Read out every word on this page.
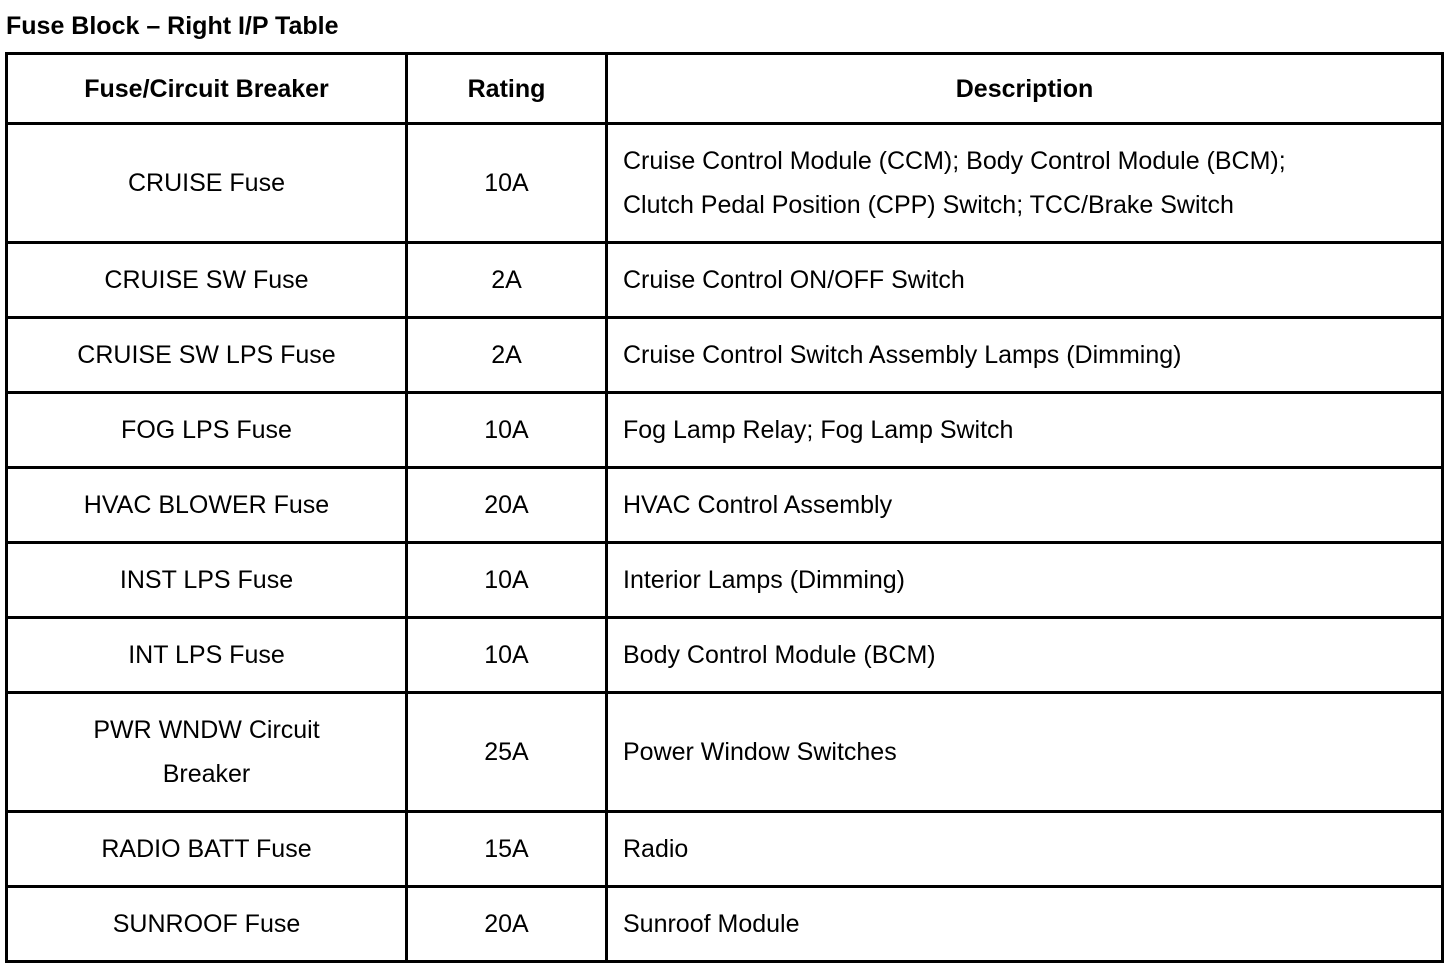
Fuse Block – Right I/P Table
Fuse/Circuit Breaker	Rating	Description
CRUISE Fuse	10A	Cruise Control Module (CCM); Body Control Module (BCM);
Clutch Pedal Position (CPP) Switch; TCC/Brake Switch

CRUISE SW Fuse	2A	Cruise Control ON/OFF Switch
CRUISE SW LPS Fuse	2A	Cruise Control Switch Assembly Lamps (Dimming)
FOG LPS Fuse	10A	Fog Lamp Relay; Fog Lamp Switch
HVAC BLOWER Fuse	20A	HVAC Control Assembly
INST LPS Fuse	10A	Interior Lamps (Dimming)
INT LPS Fuse	10A	Body Control Module (BCM)
PWR WNDW Circuit Breaker	25A	Power Window Switches
RADIO BATT Fuse	15A	Radio
SUNROOF Fuse	20A	Sunroof Module
